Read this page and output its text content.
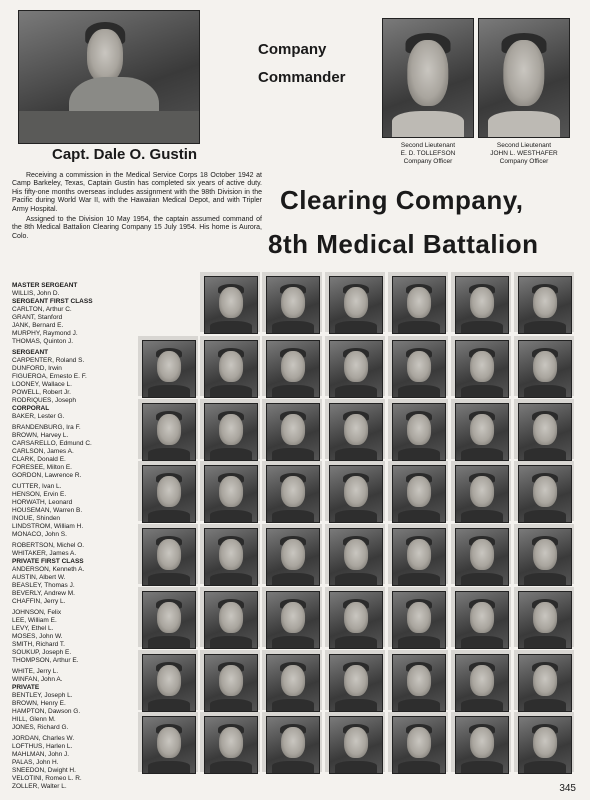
Company
Commander
Capt. Dale O. Gustin

Receiving a commission in the Medical Service Corps 18 October 1942 at Camp Barkeley, Texas, Captain Gustin has completed six years of active duty. His fifty-one months overseas includes assignment with the 98th Division in the Pacific during World War II, with the Hawaiian Medical Depot, and with Tripler Army Hospital.

Assigned to the Division 10 May 1954, the captain assumed command of the 8th Medical Battalion Clearing Company 15 July 1954. His home is Aurora, Colo.

Second Lieutenant
E. D. TOLLEFSON
Company Officer
Second Lieutenant
JOHN L. WESTHAFER
Company Officer
Clearing Company,
8th Medical Battalion
MASTER SERGEANT
WILLIS, John D.
SERGEANT FIRST CLASS
CARLTON, Arthur C.
GRANT, Stanford
JANK, Bernard E.
MURPHY, Raymond J.
THOMAS, Quinton J.
SERGEANT
CARPENTER, Roland S.
DUNFORD, Irwin
FIGUEROA, Ernesto E. F.
LOONEY, Wallace L.
POWELL, Robert Jr.
RODRIQUES, Joseph
CORPORAL
BAKER, Lester G.
BRANDENBURG, Ira F.
BROWN, Harvey L.
CARSARELLO, Edmund C.
CARLSON, James A.
CLARK, Donald E.
FORESEE, Milton E.
GORDON, Lawrence R.
CUTTER, Ivan L.
HENSON, Ervin E.
HORWATH, Leonard
HOUSEMAN, Warren B.
INOUE, Shinden
LINDSTROM, William H.
MONACO, John S.
ROBERTSON, Michel O.
WHITAKER, James A.
PRIVATE FIRST CLASS
ANDERSON, Kenneth A.
AUSTIN, Albert W.
BEASLEY, Thomas J.
BEVERLY, Andrew M.
CHAFFIN, Jerry L.
JOHNSON, Felix
LEE, William E.
LEVY, Ethel L.
MOSES, John W.
SMITH, Richard T.
SOUKUP, Joseph E.
THOMPSON, Arthur E.
WHITE, Jerry L.
WINFAN, John A.
PRIVATE
BENTLEY, Joseph L.
BROWN, Henry E.
HAMPTON, Dawson G.
HILL, Glenn M.
JONES, Richard G.
JORDAN, Charles W.
LOFTHUS, Harlen L.
MAHLMAN, John J.
PALAS, John H.
SNEEDON, Dwight H.
VELOTINI, Romeo L. R.
ZOLLER, Walter L.	345
